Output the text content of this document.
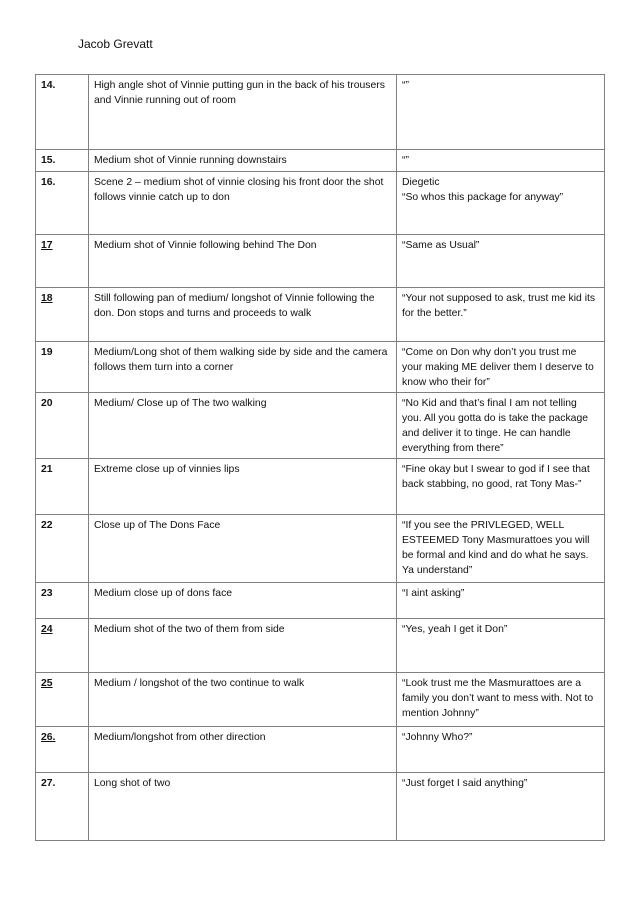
Jacob Grevatt
14.	High angle shot of Vinnie putting gun in the back of his trousers and Vinnie running out of room	“”

15.	Medium shot of Vinnie running downstairs	“”

16.	Scene 2 – medium shot of vinnie closing his front door the shot follows vinnie catch up to don	Diegetic
“So whos this package for anyway”

17	Medium shot of Vinnie following behind The Don	“Same as Usual”

18	Still following pan of medium/ longshot of Vinnie following the don. Don stops and turns and proceeds to walk	“Your not supposed to ask, trust me kid its for the better.”

19	Medium/Long shot of them walking side by side and the camera follows them turn into a corner	“Come on Don why don’t you trust me your making ME deliver them I deserve to know who their for”

20	Medium/ Close up of The two walking	“No Kid and that’s final I am not telling you. All you gotta do is take the package and deliver it to tinge. He can handle everything from there”

21	Extreme close up of vinnies lips	“Fine okay but I swear to god if I see that back stabbing, no good, rat Tony Mas-”

22	Close up of The Dons Face	“If you see the PRIVLEGED, WELL ESTEEMED Tony Masmurattoes you will be formal and kind and do what he says. Ya understand”

23	Medium close up of dons face	“I aint asking”

24	Medium shot of the two of them from side	“Yes, yeah I get it Don”

25	Medium / longshot of the two continue to walk	“Look trust me the Masmurattoes are a family you don’t want to mess with. Not to mention Johnny”

26.	Medium/longshot from other direction	“Johnny Who?”

27.	Long shot of two	“Just forget I said anything”
